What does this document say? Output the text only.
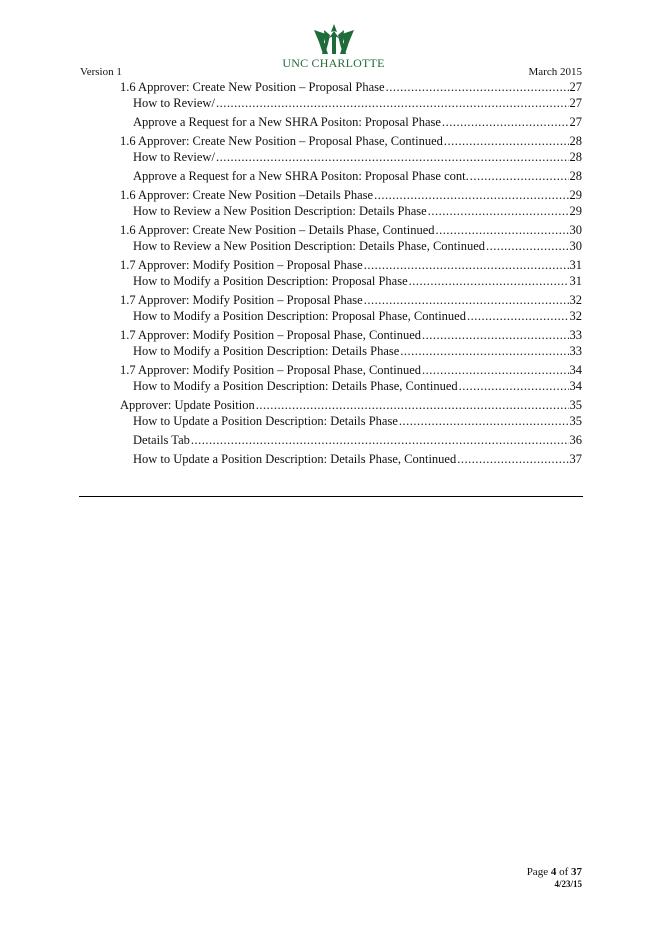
UNC CHARLOTTE
Version 1	March 2015
1.6 Approver: Create New Position – Proposal Phase .....	27
How to Review/ .....	27
Approve a Request for a New SHRA Positon: Proposal Phase .....	27
1.6 Approver: Create New Position – Proposal Phase, Continued .....	28
How to Review/ .....	28
Approve a Request for a New SHRA Positon: Proposal Phase cont. .....	28
1.6 Approver: Create New Position –Details Phase .....	29
How to Review a New Position Description: Details Phase .....	29
1.6 Approver: Create New Position – Details Phase, Continued .....	30
How to Review a New Position Description: Details Phase, Continued .....	30
1.7 Approver: Modify Position – Proposal Phase .....	31
How to Modify a Position Description: Proposal Phase .....	31
1.7 Approver: Modify Position – Proposal Phase .....	32
How to Modify a Position Description: Proposal Phase, Continued .....	32
1.7 Approver: Modify Position – Proposal Phase, Continued .....	33
How to Modify a Position Description: Details Phase .....	33
1.7 Approver: Modify Position – Proposal Phase, Continued .....	34
How to Modify a Position Description: Details Phase, Continued .....	34
Approver: Update Position .....	35
How to Update a Position Description: Details Phase .....	35
Details Tab .....	36
How to Update a Position Description: Details Phase, Continued .....	37
Page 4 of 37
4/23/15
